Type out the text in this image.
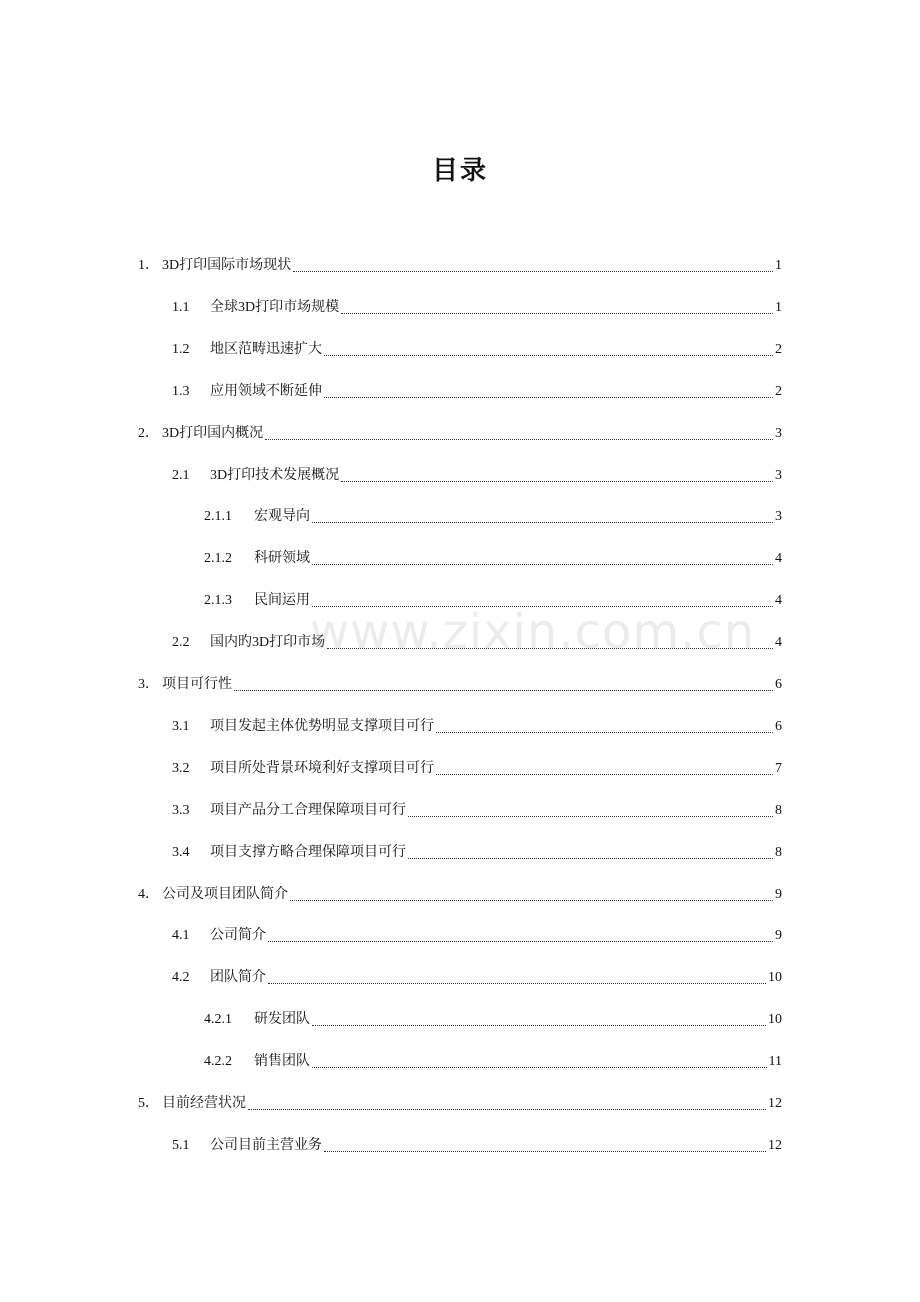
目录
1． 3D打印国际市场现状	1
1.1	全球3D打印市场规模	1
1.2	地区范畴迅速扩大	2
1.3	应用领域不断延伸	2
2． 3D打印国内概况	3
2.1	3D打印技术发展概况	3
2.1.1	宏观导向	3
2.1.2	科研领域	4
2.1.3	民间运用	4
2.2	国内旳3D打印市场	4
3． 项目可行性	6
3.1	项目发起主体优势明显支撑项目可行	6
3.2	项目所处背景环境利好支撑项目可行	7
3.3	项目产品分工合理保障项目可行	8
3.4	项目支撑方略合理保障项目可行	8
4． 公司及项目团队简介	9
4.1	公司简介	9
4.2	团队简介	10
4.2.1	研发团队	10
4.2.2	销售团队	11
5． 目前经营状况	12
5.1	公司目前主营业务	12
www.zixin.com.cn
